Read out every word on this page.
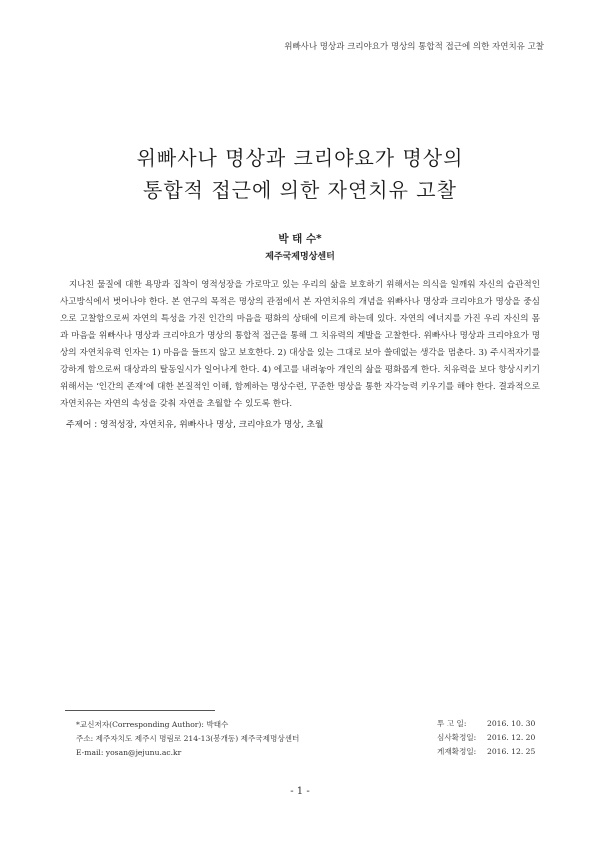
위빠사나 명상과 크리야요가 명상의 통합적 접근에 의한 자연치유 고찰
위빠사나 명상과 크리야요가 명상의
통합적 접근에 의한 자연치유 고찰
박 태 수*
제주국제명상센터
지나친 물질에 대한 욕망과 집착이 영적성장을 가로막고 있는 우리의 삶을 보호하기 위해서는 의식을 일깨워 자신의 습관적인 사고방식에서 벗어나야 한다. 본 연구의 목적은 명상의 관점에서 본 자연치유의 개념을 위빠사나 명상과 크리야요가 명상을 중심으로 고찰함으로써 자연의 특성을 가진 인간의 마음을 평화의 상태에 이르게 하는데 있다. 자연의 에너지를 가진 우리 자신의 몸과 마음을 위빠사나 명상과 크리야요가 명상의 통합적 접근을 통해 그 치유력의 계발을 고찰한다. 위빠사나 명상과 크리야요가 명상의 자연치유력 인자는 1) 마음을 들뜨지 않고 보호한다. 2) 대상을 있는 그대로 보아 쓸데없는 생각을 멈춘다. 3) 주시적자기를 강하게 함으로써 대상과의 탈동일시가 일어나게 한다. 4) 에고를 내려놓아 개인의 삶을 평화롭게 한다. 치유력을 보다 향상시키기 위해서는 ‘인간의 존재’에 대한 본질적인 이해, 함께하는 명상수련, 꾸준한 명상을 통한 자각능력 키우기를 해야 한다. 결과적으로 자연치유는 자연의 속성을 갖춰 자연을 초월할 수 있도록 한다.
주제어 : 영적성장, 자연치유, 위빠사나 명상, 크리야요가 명상, 초월
*교신저자(Corresponding Author): 박태수
주소: 제주자치도 제주시 명림로 214-13(봉개동) 제주국제명상센터
E-mail: yosan@jejunu.ac.kr
투 고 일:	2016. 10. 30
심사확정일:	2016. 12. 20
게재확정일:	2016. 12. 25
- 1 -
